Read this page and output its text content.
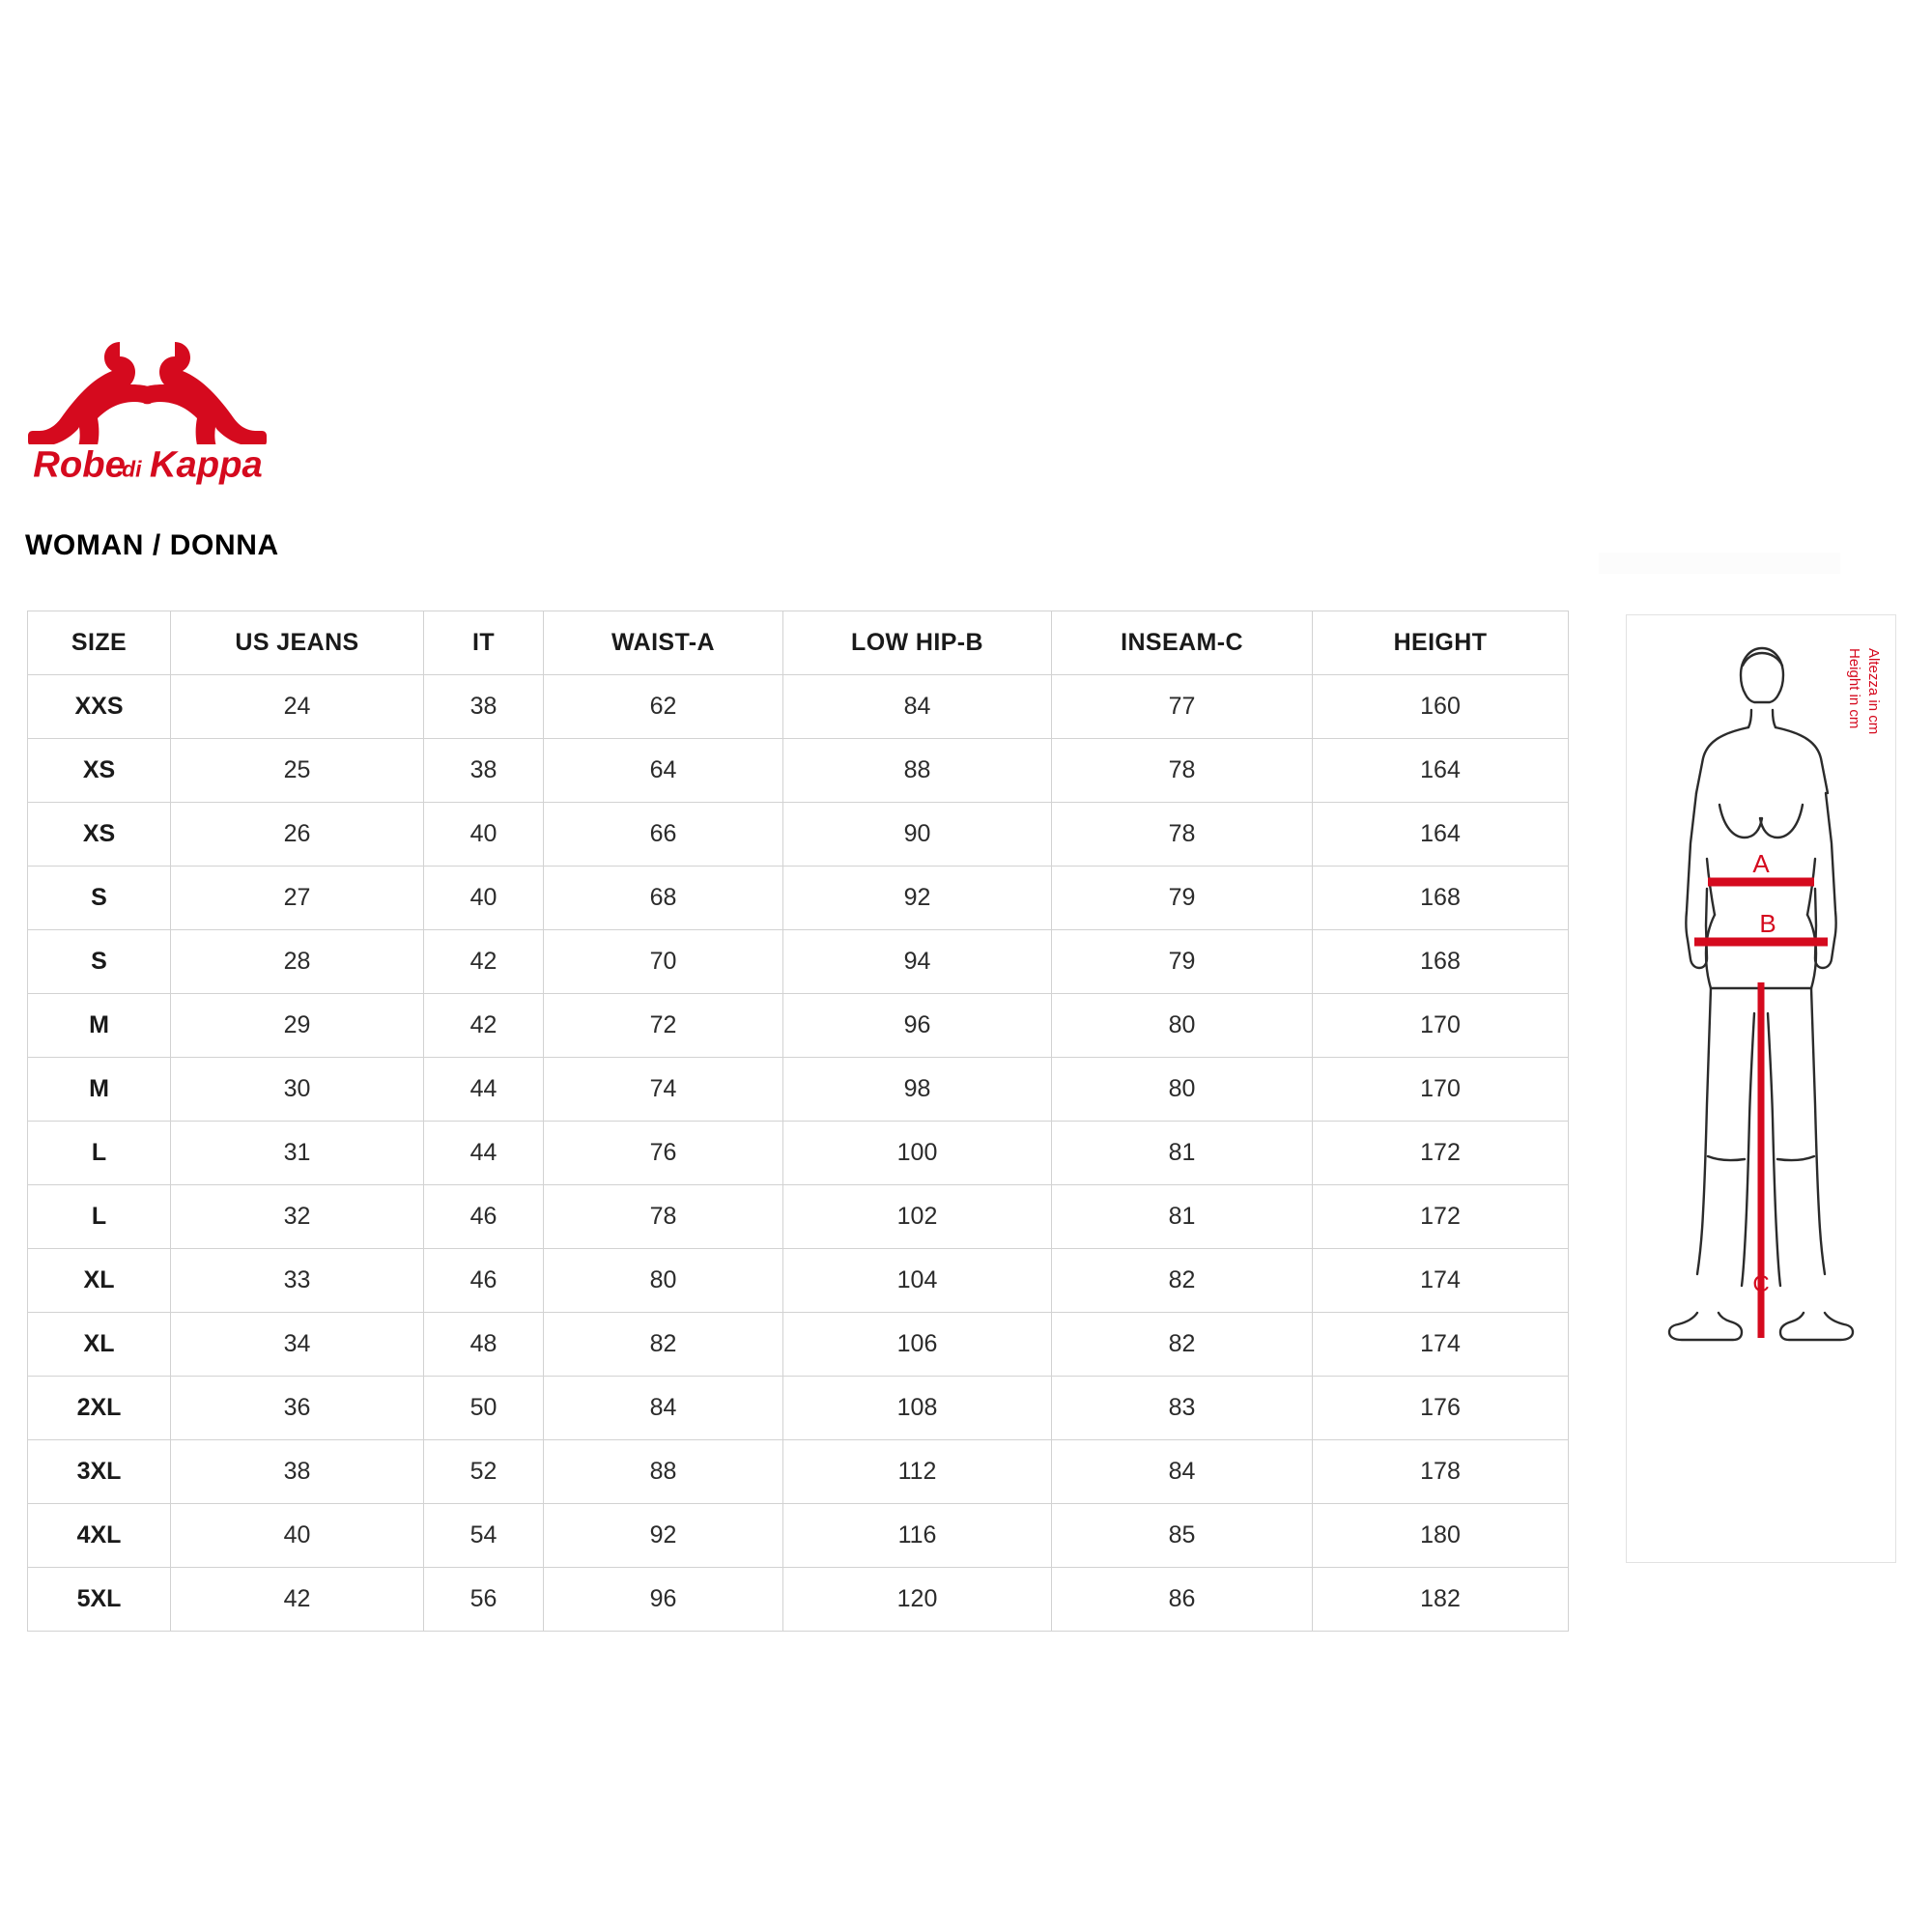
Robe
di Kappa
WOMAN / DONNA
SIZE	US JEANS	IT	WAIST-A	LOW HIP-B	INSEAM-C	HEIGHT
XXS	24	38	62	84	77	160
XS	25	38	64	88	78	164
XS	26	40	66	90	78	164
S	27	40	68	92	79	168
S	28	42	70	94	79	168
M	29	42	72	96	80	170
M	30	44	74	98	80	170
L	31	44	76	100	81	172
L	32	46	78	102	81	172
XL	33	46	80	104	82	174
XL	34	48	82	106	82	174
2XL	36	50	84	108	83	176
3XL	38	52	88	112	84	178
4XL	40	54	92	116	85	180
5XL	42	56	96	120	86	182
A
B
C
Height in cm Altezza in cm
